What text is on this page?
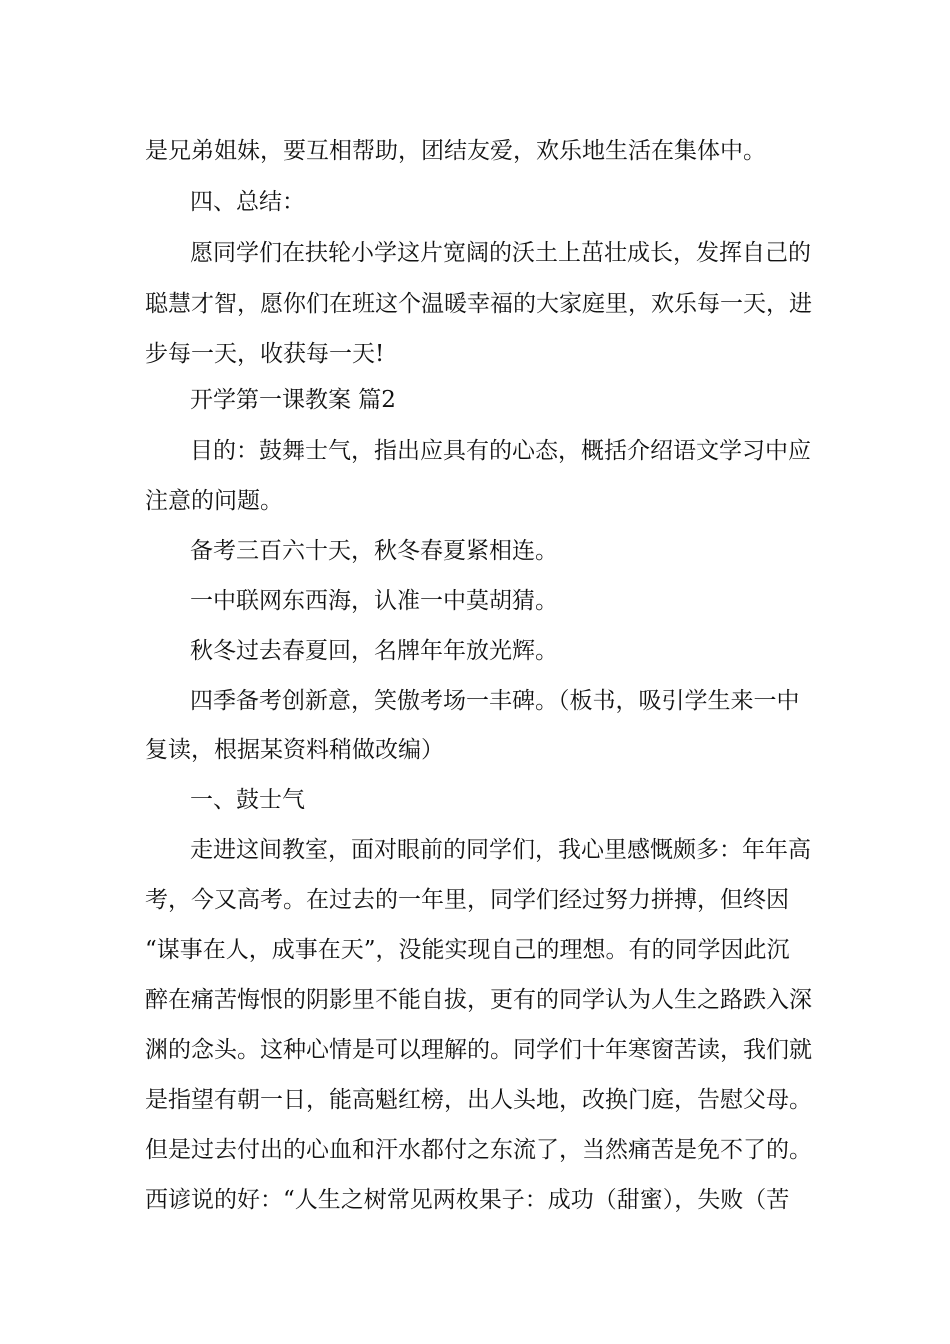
是兄弟姐妹，要互相帮助，团结友爱，欢乐地生活在集体中。
四、总结：
愿同学们在扶轮小学这片宽阔的沃土上茁壮成长，发挥自己的
聪慧才智，愿你们在班这个温暖幸福的大家庭里，欢乐每一天，进
步每一天，收获每一天!
开学第一课教案 篇2
目的：鼓舞士气，指出应具有的心态，概括介绍语文学习中应
注意的问题。
备考三百六十天，秋冬春夏紧相连。
一中联网东西海，认准一中莫胡猜。
秋冬过去春夏回，名牌年年放光辉。
四季备考创新意，笑傲考场一丰碑。（板书，吸引学生来一中
复读，根据某资料稍做改编）
一、鼓士气
走进这间教室，面对眼前的同学们，我心里感慨颇多：年年高
考，今又高考。在过去的一年里，同学们经过努力拼搏，但终因
“谋事在人，成事在天”，没能实现自己的理想。有的同学因此沉
醉在痛苦悔恨的阴影里不能自拔，更有的同学认为人生之路跌入深
渊的念头。这种心情是可以理解的。同学们十年寒窗苦读，我们就
是指望有朝一日，能高魁红榜，出人头地，改换门庭，告慰父母。
但是过去付出的心血和汗水都付之东流了，当然痛苦是免不了的。
西谚说的好：“人生之树常见两枚果子：成功（甜蜜），失败（苦
